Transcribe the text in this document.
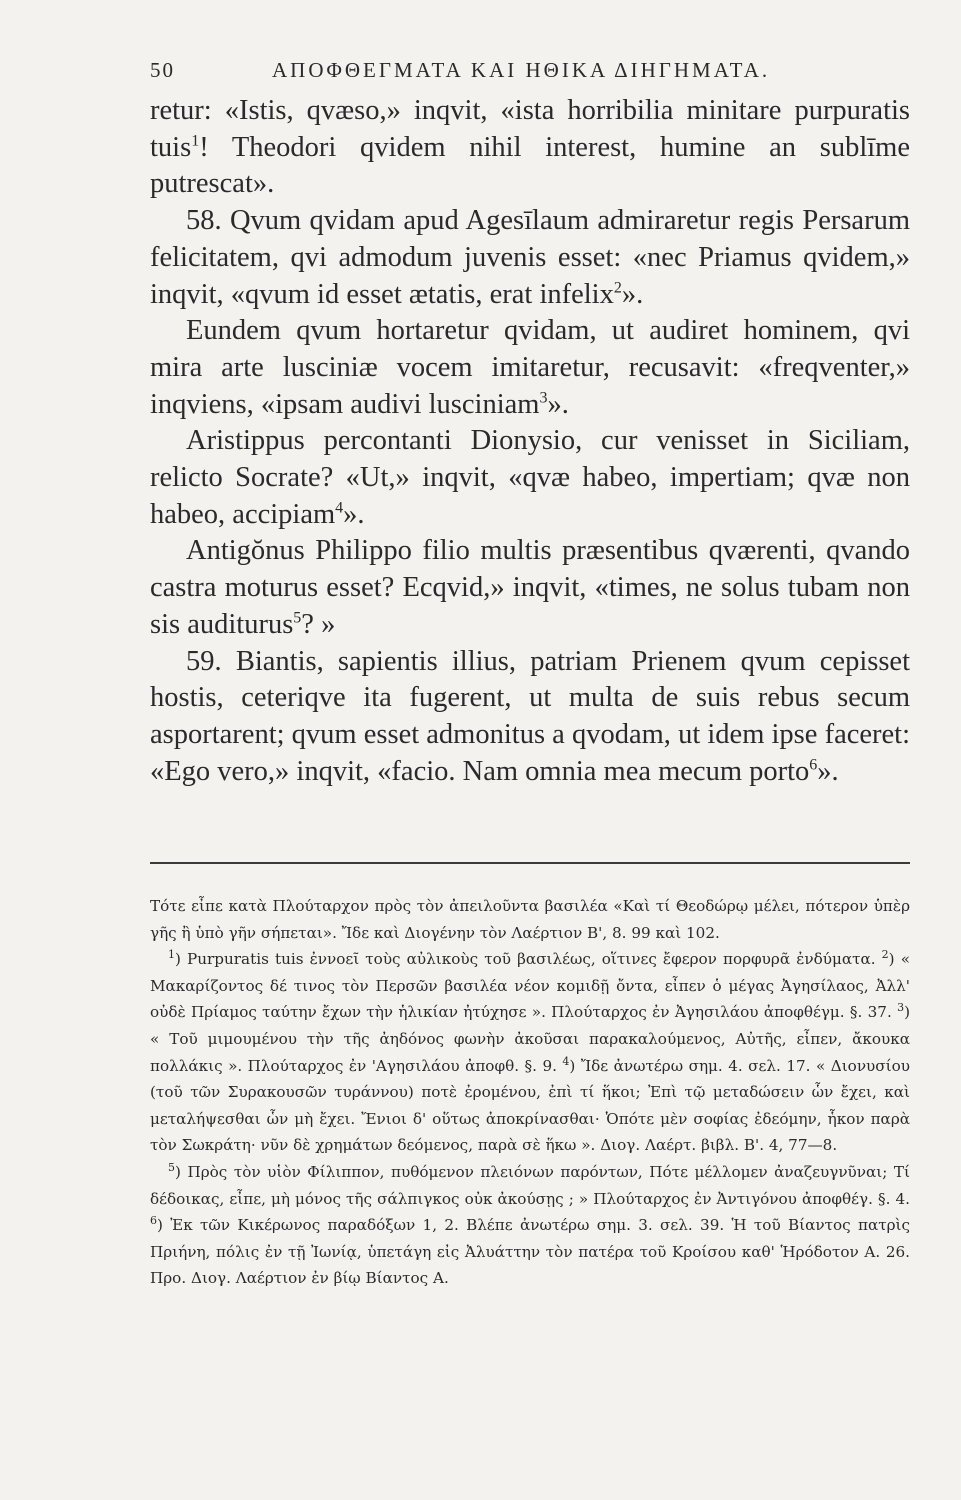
50	ΑΠΟΦΘΕΓΜΑΤΑ ΚΑΙ ΗΘΙΚΑ ΔΙΗΓΗΜΑΤΑ.

retur: «Istis, qvæso,» inqvit, «ista horribilia minitare purpuratis tuis$^1$! Theodori qvidem nihil interest, humine an sublīme putrescat».

58. Qvum qvidam apud Agesīlaum admiraretur regis Persarum felicitatem, qvi admodum juvenis esset: «nec Priamus qvidem,» inqvit, «qvum id esset ætatis, erat infelix$^2$».

Eundem qvum hortaretur qvidam, ut audiret hominem, qvi mira arte lusciniæ vocem imitaretur, recusavit: «freqventer,» inqviens, «ipsam audivi lusciniam$^3$».

Aristippus percontanti Dionysio, cur venisset in Siciliam, relicto Socrate? «Ut,» inqvit, «qvæ habeo, impertiam; qvæ non habeo, accipiam$^4$».

Antigŏnus Philippo filio multis præsentibus qværenti, qvando castra moturus esset? Ecqvid,» inqvit, «times, ne solus tubam non sis auditurus$^5$? »

59. Biantis, sapientis illius, patriam Prienem qvum cepisset hostis, ceteriqve ita fugerent, ut multa de suis rebus secum asportarent; qvum esset admonitus a qvodam, ut idem ipse faceret: «Ego vero,» inqvit, «facio. Nam omnia mea mecum porto$^6$».

Τότε εἶπε κατὰ Πλούταρχον πρὸς τὸν ἀπειλοῦντα βασιλέα «Καὶ τί Θεοδώρῳ μέλει, πότερον ὑπὲρ γῆς ἢ ὑπὸ γῆν σήπεται». Ἴδε καὶ Διογένην τὸν Λαέρτιον Β', 8. 99 καὶ 102.

$^1$) Purpuratis tuis ἐννοεῖ τοὺς αὐλικοὺς τοῦ βασιλέως, οἵτινες ἔφερον πορφυρᾶ ἐνδύματα. $^2$) « Μακαρίζοντος δέ τινος τὸν Περσῶν βασιλέα νέον κομιδῇ ὄντα, εἶπεν ὁ μέγας Ἀγησίλαος, Ἀλλ' οὐδὲ Πρίαμος ταύτην ἔχων τὴν ἡλικίαν ἠτύχησε ». Πλούταρχος ἐν Ἀγησιλάου ἀποφθέγμ. §. 37. $^3$) « Τοῦ μιμουμένου τὴν τῆς ἀηδόνος φωνὴν ἀκοῦσαι παρακαλούμενος, Αὐτῆς, εἶπεν, ἄκουκα πολλάκις ». Πλούταρχος ἐν 'Αγησιλάου ἀποφθ. §. 9. $^4$) Ἴδε ἀνωτέρω σημ. 4. σελ. 17. « Διονυσίου (τοῦ τῶν Συρακουσῶν τυράννου) ποτὲ ἐρομένου, ἐπὶ τί ἥκοι; Ἐπὶ τῷ μεταδώσειν ὧν ἔχει, καὶ μεταλήψεσθαι ὧν μὴ ἔχει. Ἔνιοι δ' οὕτως ἀποκρίνασθαι· Ὁπότε μὲν σοφίας ἐδεόμην, ἧκον παρὰ τὸν Σωκράτη· νῦν δὲ χρημάτων δεόμενος, παρὰ σὲ ἥκω ». Διογ. Λαέρτ. βιβλ. Β'. 4, 77—8.

$^5$) Πρὸς τὸν υἱὸν Φίλιππον, πυθόμενον πλειόνων παρόντων, Πότε μέλλομεν ἀναζευγνῦναι; Τί δέδοικας, εἶπε, μὴ μόνος τῆς σάλπιγκος οὐκ ἀκούσῃς ; » Πλούταρχος ἐν Ἀντιγόνου ἀποφθέγ. §. 4. $^6$) Ἐκ τῶν Κικέρωνος παραδόξων 1, 2. Βλέπε ἀνωτέρω σημ. 3. σελ. 39. Ἡ τοῦ Βίαντος πατρὶς Πριήνη, πόλις ἐν τῇ Ἰωνίᾳ, ὑπετάγη εἰς Ἀλυάττην τὸν πατέρα τοῦ Κροίσου καθ' Ἡρόδοτον Α. 26. Προ. Διογ. Λαέρτιον ἐν βίῳ Βίαντος Α.
